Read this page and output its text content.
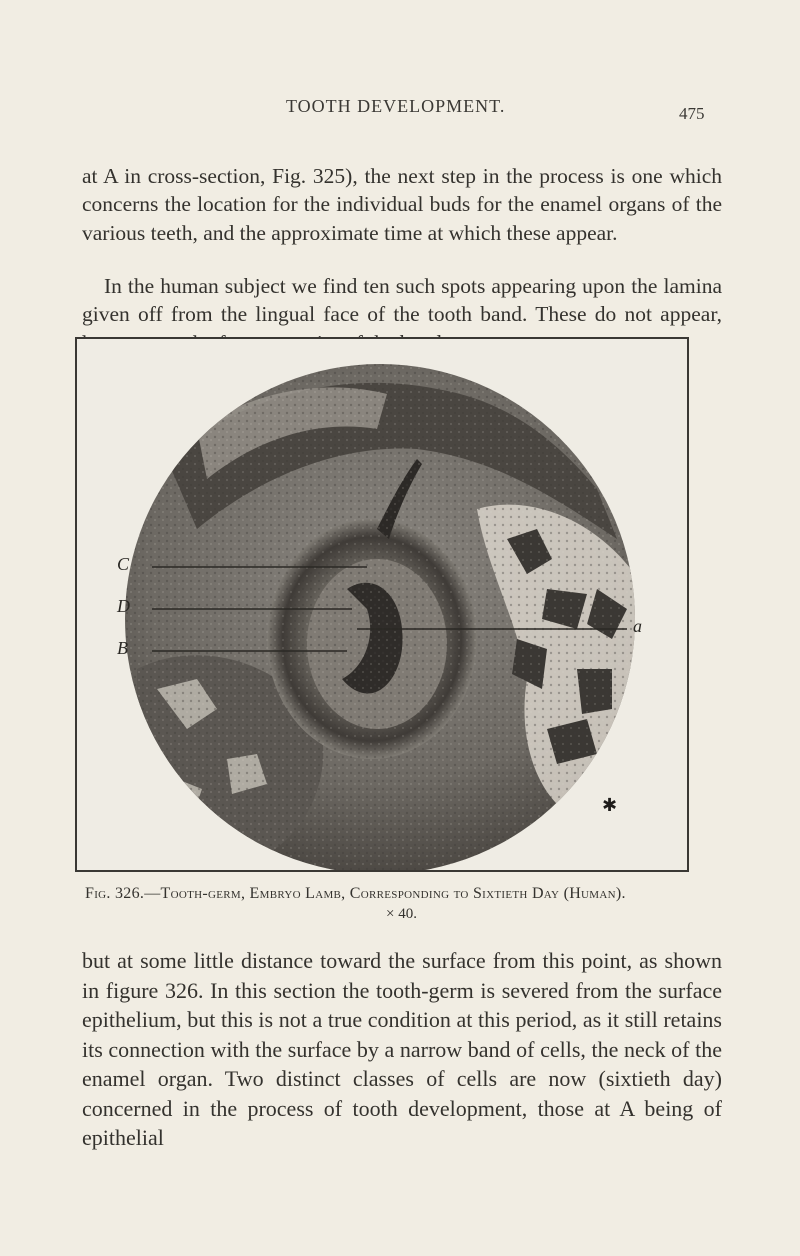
TOOTH DEVELOPMENT.	475

at A in cross-section, Fig. 325), the next step in the process is one which concerns the location for the individual buds for the enamel organs of the various teeth, and the approximate time at which these appear.

In the human subject we find ten such spots appearing upon the lamina given off from the lingual face of the tooth band. These do not appear,

✱
C
D
B
a
Fig. 326.—Tooth-germ, Embryo Lamb, Corresponding to Sixtieth Day (Human).
× 40.

but at some little distance toward the surface from this point, as shown in figure 326. In this section the tooth-germ is severed from the surface epithelium, but this is not a true condition at this period, as it still retains its connection with the surface by a narrow band of cells, the neck of the enamel organ. Two distinct classes of cells are now (sixtieth day) concerned in the process of tooth development, those at A being of epithelial
